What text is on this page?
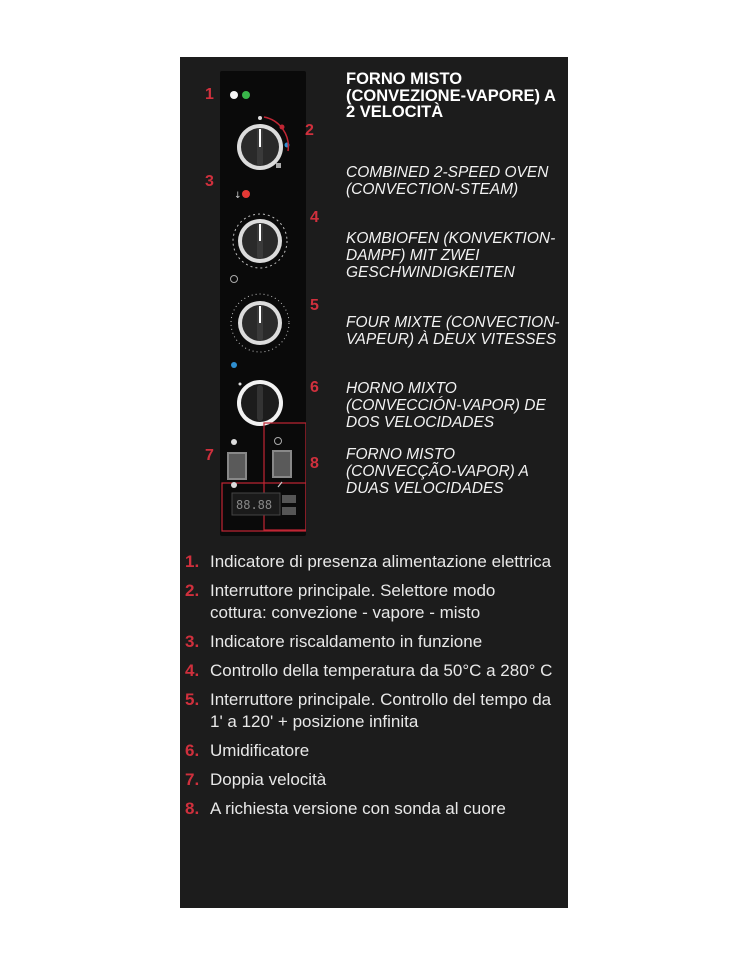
↓
88.88
1
2
3
4
5
6
7	8
FORNO MISTO (CONVEZIONE-VAPORE) A 2 VELOCITÀ
COMBINED 2-SPEED OVEN (CONVECTION-STEAM)
KOMBIOFEN (KONVEKTION-DAMPF) MIT ZWEI GESCHWINDIGKEITEN
FOUR MIXTE (CONVECTION-VAPEUR) À DEUX VITESSES
HORNO MIXTO (CONVECCIÓN-VAPOR) DE DOS VELOCIDADES
FORNO MISTO (CONVECÇÃO-VAPOR) A DUAS VELOCIDADES
1. Indicatore di presenza alimentazione elettrica
2. Interruttore principale. Selettore modo cottura: convezione - vapore - misto
3. Indicatore riscaldamento in funzione
4. Controllo della temperatura da 50°C a 280° C
5. Interruttore principale. Controllo del tempo da 1' a 120' + posizione infinita
6. Umidificatore
7. Doppia velocità
8. A richiesta versione con sonda al cuore
